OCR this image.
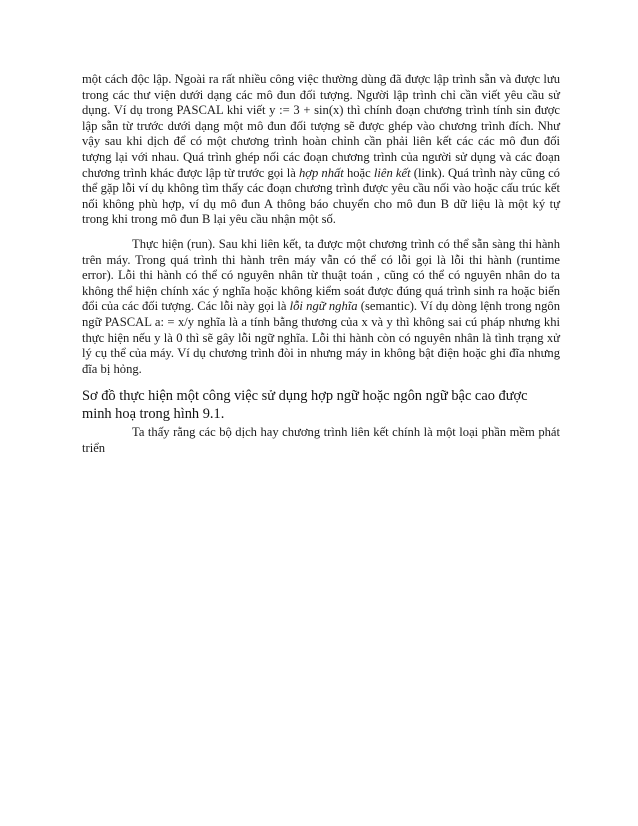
một cách độc lập. Ngoài ra rất nhiều công việc thường dùng đã được lập trình sẵn và được lưu trong các thư viện dưới dạng các mô đun đối tượng. Người lập trình chỉ cần viết yêu cầu sử dụng. Ví dụ trong PASCAL khi viết y := 3 + sin(x) thì chính đoạn chương trình tính sin được lập sẵn từ trước dưới dạng một mô đun đối tượng sẽ được ghép vào chương trình đích. Như vậy sau khi dịch để có một chương trình hoàn chỉnh cần phải liên kết các các mô đun đối tượng lại với nhau. Quá trình ghép nối các đoạn chương trình của người sử dụng và các đoạn chương trình khác được lập từ trước gọi là hợp nhất hoặc liên kết (link). Quá trình này cũng có thể gặp lỗi ví dụ không tìm thấy các đoạn chương trình được yêu cầu nối vào hoặc cấu trúc kết nối không phù hợp, ví dụ mô đun A thông báo chuyển cho mô đun B dữ liệu là một ký tự trong khi trong mô đun B lại yêu cầu nhận một số.

Thực hiện (run). Sau khi liên kết, ta được một chương trình có thể sẵn sàng thi hành trên máy. Trong quá trình thi hành trên máy vẫn có thể có lỗi gọi là lỗi thi hành (runtime error). Lỗi thi hành có thể có nguyên nhân từ thuật toán , cũng có thể có nguyên nhân do ta không thể hiện chính xác ý nghĩa hoặc không kiểm soát được đúng quá trình sinh ra hoặc biến đổi của các đối tượng. Các lỗi này gọi là lỗi ngữ nghĩa (semantic). Ví dụ dòng lệnh trong ngôn ngữ PASCAL a: = x/y nghĩa là a tính bằng thương của x và y thì không sai cú pháp nhưng khi thực hiện nếu y là 0 thì sẽ gây lỗi ngữ nghĩa. Lỗi thi hành còn có nguyên nhân là tình trạng xử lý cụ thể của máy. Ví dụ chương trình đòi in nhưng máy in không bật điện hoặc ghi đĩa nhưng đĩa bị hỏng.

Sơ đồ thực hiện một công việc sử dụng hợp ngữ hoặc ngôn ngữ bậc cao được minh hoạ trong hình 9.1.

Ta thấy rằng các bộ dịch hay chương trình liên kết chính là một loại phần mềm phát triển
